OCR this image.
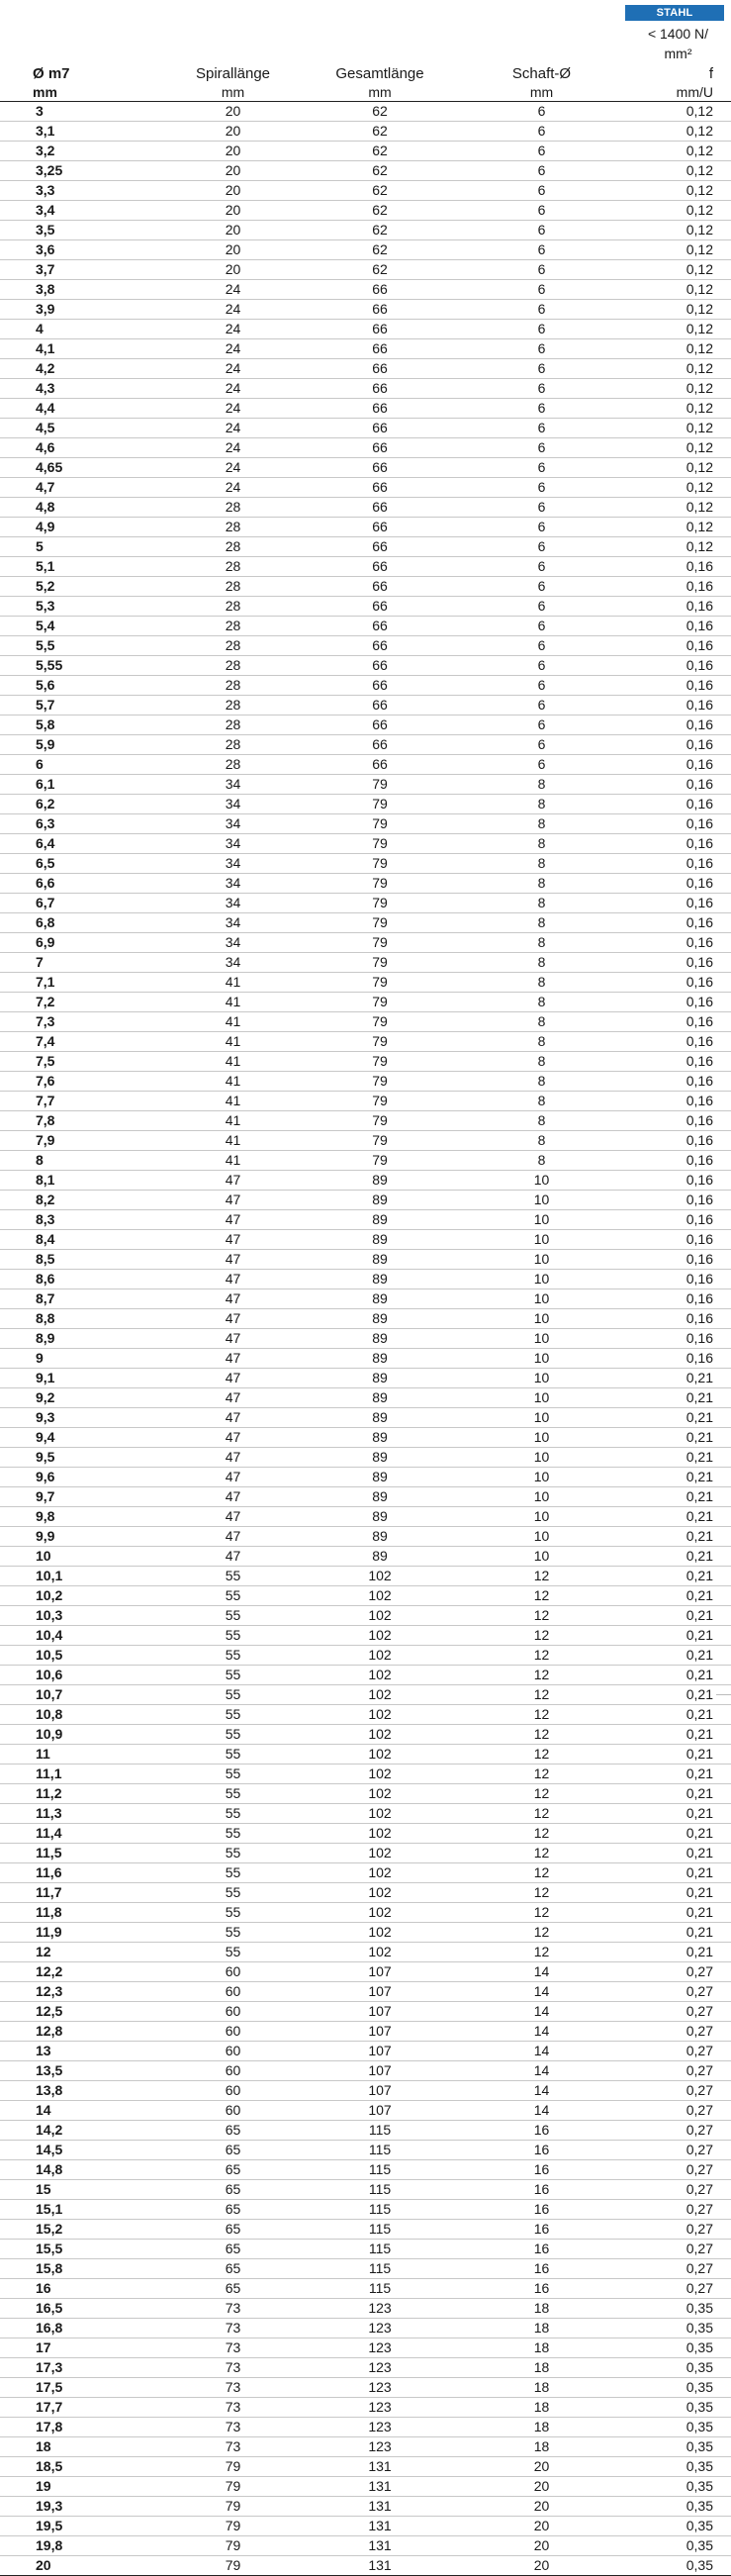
STAHL
< 1400 N/
mm²
Ø m7	Spirallänge	Gesamtlänge	Schaft-Ø	f
mm	mm	mm	mm	mm/U
3	20	62	6	0,12
3,1	20	62	6	0,12
3,2	20	62	6	0,12
3,25	20	62	6	0,12
3,3	20	62	6	0,12
3,4	20	62	6	0,12
3,5	20	62	6	0,12
3,6	20	62	6	0,12
3,7	20	62	6	0,12
3,8	24	66	6	0,12
3,9	24	66	6	0,12
4	24	66	6	0,12
4,1	24	66	6	0,12
4,2	24	66	6	0,12
4,3	24	66	6	0,12
4,4	24	66	6	0,12
4,5	24	66	6	0,12
4,6	24	66	6	0,12
4,65	24	66	6	0,12
4,7	24	66	6	0,12
4,8	28	66	6	0,12
4,9	28	66	6	0,12
5	28	66	6	0,12
5,1	28	66	6	0,16
5,2	28	66	6	0,16
5,3	28	66	6	0,16
5,4	28	66	6	0,16
5,5	28	66	6	0,16
5,55	28	66	6	0,16
5,6	28	66	6	0,16
5,7	28	66	6	0,16
5,8	28	66	6	0,16
5,9	28	66	6	0,16
6	28	66	6	0,16
6,1	34	79	8	0,16
6,2	34	79	8	0,16
6,3	34	79	8	0,16
6,4	34	79	8	0,16
6,5	34	79	8	0,16
6,6	34	79	8	0,16
6,7	34	79	8	0,16
6,8	34	79	8	0,16
6,9	34	79	8	0,16
7	34	79	8	0,16
7,1	41	79	8	0,16
7,2	41	79	8	0,16
7,3	41	79	8	0,16
7,4	41	79	8	0,16
7,5	41	79	8	0,16
7,6	41	79	8	0,16
7,7	41	79	8	0,16
7,8	41	79	8	0,16
7,9	41	79	8	0,16
8	41	79	8	0,16
8,1	47	89	10	0,16
8,2	47	89	10	0,16
8,3	47	89	10	0,16
8,4	47	89	10	0,16
8,5	47	89	10	0,16
8,6	47	89	10	0,16
8,7	47	89	10	0,16
8,8	47	89	10	0,16
8,9	47	89	10	0,16
9	47	89	10	0,16
9,1	47	89	10	0,21
9,2	47	89	10	0,21
9,3	47	89	10	0,21
9,4	47	89	10	0,21
9,5	47	89	10	0,21
9,6	47	89	10	0,21
9,7	47	89	10	0,21
9,8	47	89	10	0,21
9,9	47	89	10	0,21
10	47	89	10	0,21
10,1	55	102	12	0,21
10,2	55	102	12	0,21
10,3	55	102	12	0,21
10,4	55	102	12	0,21
10,5	55	102	12	0,21
10,6	55	102	12	0,21
10,7	55	102	12	0,21
10,8	55	102	12	0,21
10,9	55	102	12	0,21
11	55	102	12	0,21
11,1	55	102	12	0,21
11,2	55	102	12	0,21
11,3	55	102	12	0,21
11,4	55	102	12	0,21
11,5	55	102	12	0,21
11,6	55	102	12	0,21
11,7	55	102	12	0,21
11,8	55	102	12	0,21
11,9	55	102	12	0,21
12	55	102	12	0,21
12,2	60	107	14	0,27
12,3	60	107	14	0,27
12,5	60	107	14	0,27
12,8	60	107	14	0,27
13	60	107	14	0,27
13,5	60	107	14	0,27
13,8	60	107	14	0,27
14	60	107	14	0,27
14,2	65	115	16	0,27
14,5	65	115	16	0,27
14,8	65	115	16	0,27
15	65	115	16	0,27
15,1	65	115	16	0,27
15,2	65	115	16	0,27
15,5	65	115	16	0,27
15,8	65	115	16	0,27
16	65	115	16	0,27
16,5	73	123	18	0,35
16,8	73	123	18	0,35
17	73	123	18	0,35
17,3	73	123	18	0,35
17,5	73	123	18	0,35
17,7	73	123	18	0,35
17,8	73	123	18	0,35
18	73	123	18	0,35
18,5	79	131	20	0,35
19	79	131	20	0,35
19,3	79	131	20	0,35
19,5	79	131	20	0,35
19,8	79	131	20	0,35
20	79	131	20	0,35
